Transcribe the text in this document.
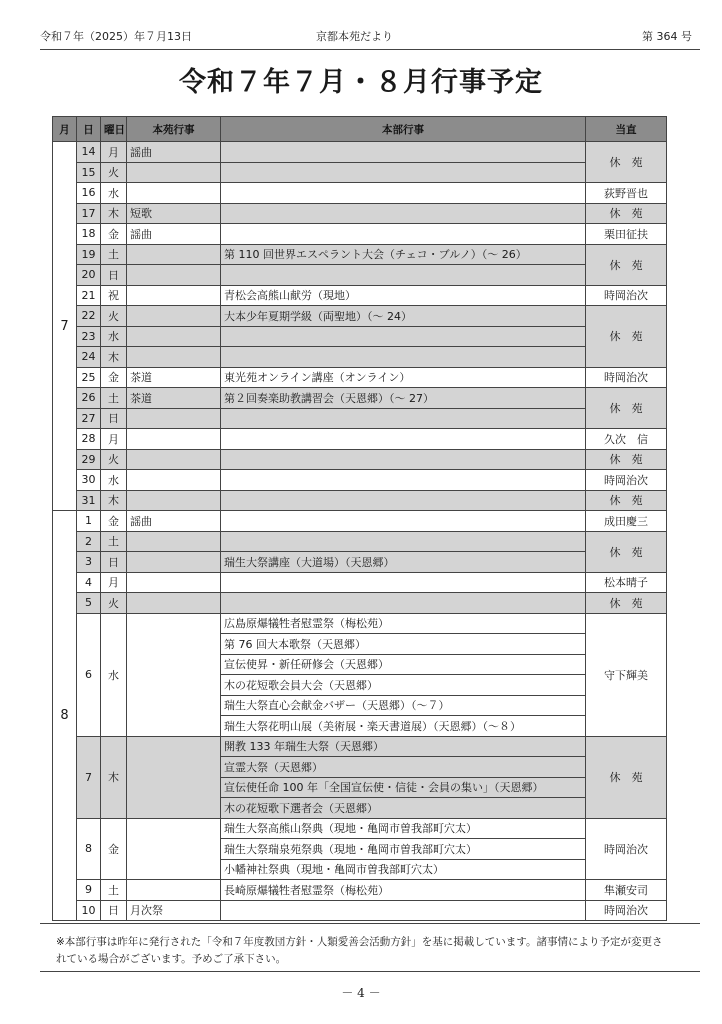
令和７年（2025）年７月13日	京都本苑だより	第 364 号
令和７年７月・８月行事予定
月	日	曜日	本苑行事	本部行事	当直
7	14	月	謡曲		休　苑
	15	火			
	16	水			荻野晋也
	17	木	短歌		休　苑
	18	金	謡曲		栗田征扶
	19	土		第 110 回世界エスペラント大会（チェコ・ブルノ）（～ 26）	休　苑
	20	日			
	21	祝		青松会高熊山献労（現地）	時岡治次
	22	火		大本少年夏期学級（両聖地）（～ 24）	休　苑
	23	水			
	24	木			
	25	金	茶道	東光苑オンライン講座（オンライン）	時岡治次
	26	土	茶道	第２回奏楽助教講習会（天恩郷）（～ 27）	休　苑
	27	日			
	28	月			久次　信
	29	火			休　苑
	30	水			時岡治次
	31	木			休　苑
8	1	金	謡曲		成田慶三
	2	土			休　苑
	3	日		瑞生大祭講座（大道場）（天恩郷）	
	4	月			松本晴子
	5	火			休　苑
	6	水		広島原爆犠牲者慰霊祭（梅松苑）	守下輝美
				第 76 回大本歌祭（天恩郷）	
				宣伝使昇・新任研修会（天恩郷）	
				木の花短歌会員大会（天恩郷）	
				瑞生大祭直心会献金バザー（天恩郷）（～７）	
				瑞生大祭花明山展（美術展・楽天書道展）（天恩郷）（～８）	
	7	木		開教 133 年瑞生大祭（天恩郷）	休　苑
				宣霊大祭（天恩郷）	
				宣伝使任命 100 年「全国宣伝使・信徒・会員の集い」（天恩郷）	
				木の花短歌下選者会（天恩郷）	
	8	金		瑞生大祭高熊山祭典（現地・亀岡市曽我部町穴太）	時岡治次
				瑞生大祭瑞泉苑祭典（現地・亀岡市曽我部町穴太）	
				小幡神社祭典（現地・亀岡市曽我部町穴太）	
	9	土		長崎原爆犠牲者慰霊祭（梅松苑）	隼瀬安司
	10	日	月次祭		時岡治次
※本部行事は昨年に発行された「令和７年度教団方針・人類愛善会活動方針」を基に掲載しています。諸事情により予定が変更されている場合がございます。予めご了承下さい。
－ 4 －
